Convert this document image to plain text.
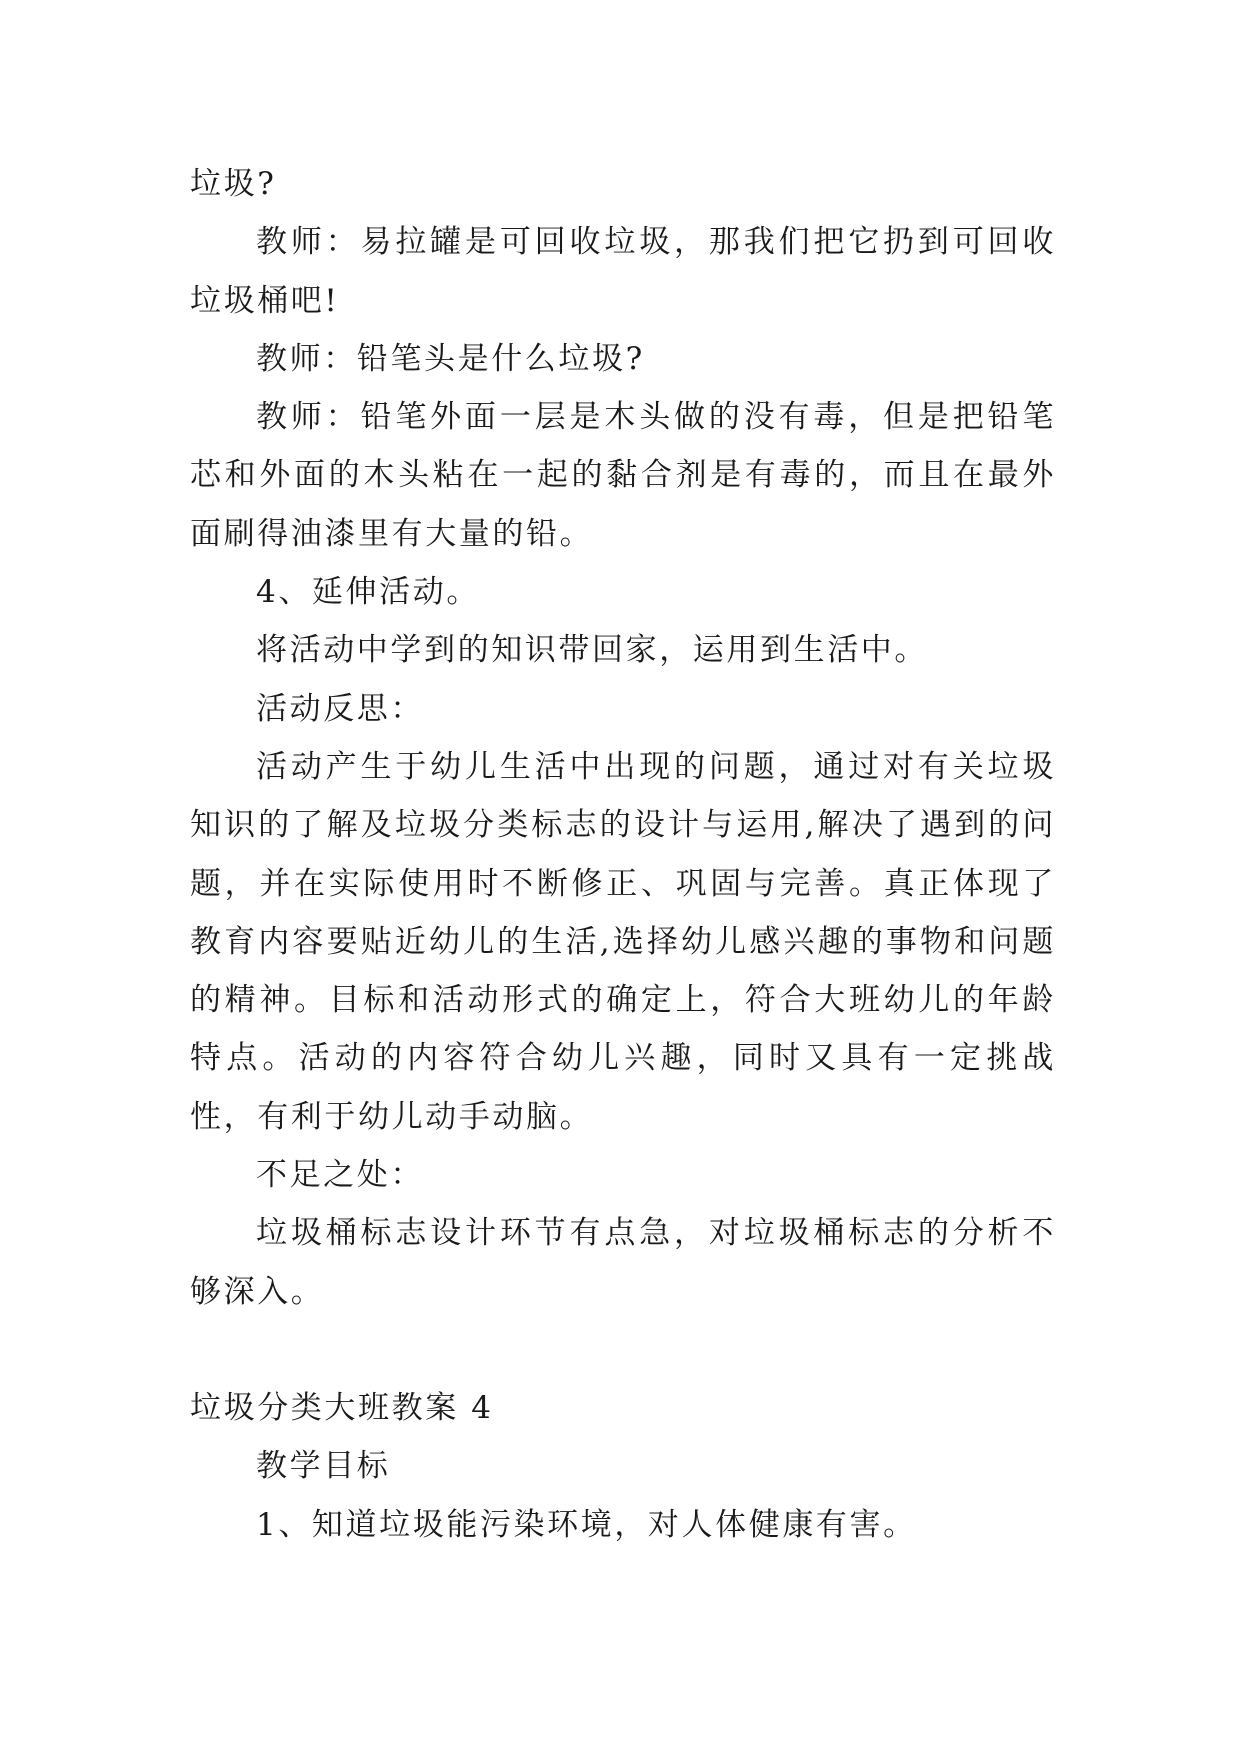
垃圾?

教师：易拉罐是可回收垃圾，那我们把它扔到可回收垃圾桶吧!

教师：铅笔头是什么垃圾?

教师：铅笔外面一层是木头做的没有毒，但是把铅笔芯和外面的木头粘在一起的黏合剂是有毒的，而且在最外面刷得油漆里有大量的铅。

4、延伸活动。

将活动中学到的知识带回家，运用到生活中。

活动反思：

活动产生于幼儿生活中出现的问题，通过对有关垃圾知识的了解及垃圾分类标志的设计与运用,解决了遇到的问题，并在实际使用时不断修正、巩固与完善。真正体现了教育内容要贴近幼儿的生活,选择幼儿感兴趣的事物和问题的精神。目标和活动形式的确定上，符合大班幼儿的年龄特点。活动的内容符合幼儿兴趣，同时又具有一定挑战性，有利于幼儿动手动脑。

不足之处：

垃圾桶标志设计环节有点急，对垃圾桶标志的分析不够深入。

垃圾分类大班教案 4

教学目标

1、知道垃圾能污染环境，对人体健康有害。
